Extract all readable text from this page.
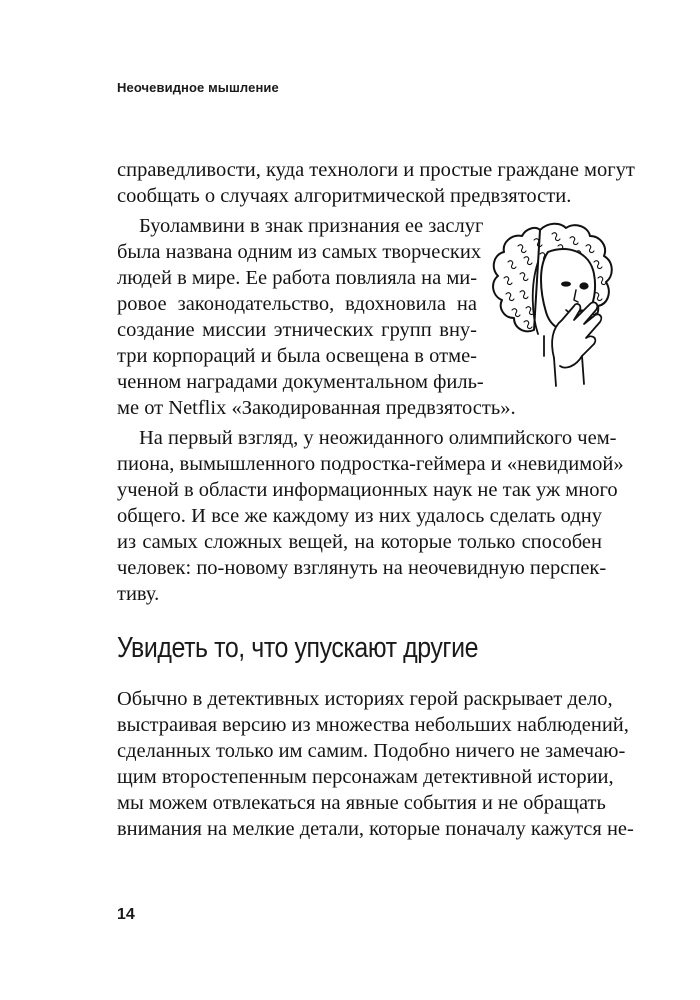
Неочевидное мышление
справедливости, куда технологи и простые граждане могут
сообщать о случаях алгоритмической предвзятости.
Буоламвини в знак признания ее заслуг
была названа одним из самых творческих
людей в мире. Ее работа повлияла на ми-
ровое законодательство, вдохновила на
создание миссии этнических групп вну-
три корпораций и была освещена в отме-
ченном наградами документальном филь-
ме от Netflix «Закодированная предвзятость».
На первый взгляд, у неожиданного олимпийского чем-
пиона, вымышленного подростка-геймера и «невидимой»
ученой в области информационных наук не так уж много
общего. И все же каждому из них удалось сделать одну
из самых сложных вещей, на которые только способен
человек: по-новому взглянуть на неочевидную перспек-
тиву.
Увидеть то, что упускают другие
Обычно в детективных историях герой раскрывает дело,
выстраивая версию из множества небольших наблюдений,
сделанных только им самим. Подобно ничего не замечаю-
щим второстепенным персонажам детективной истории,
мы можем отвлекаться на явные события и не обращать
внимания на мелкие детали, которые поначалу кажутся не-
14
